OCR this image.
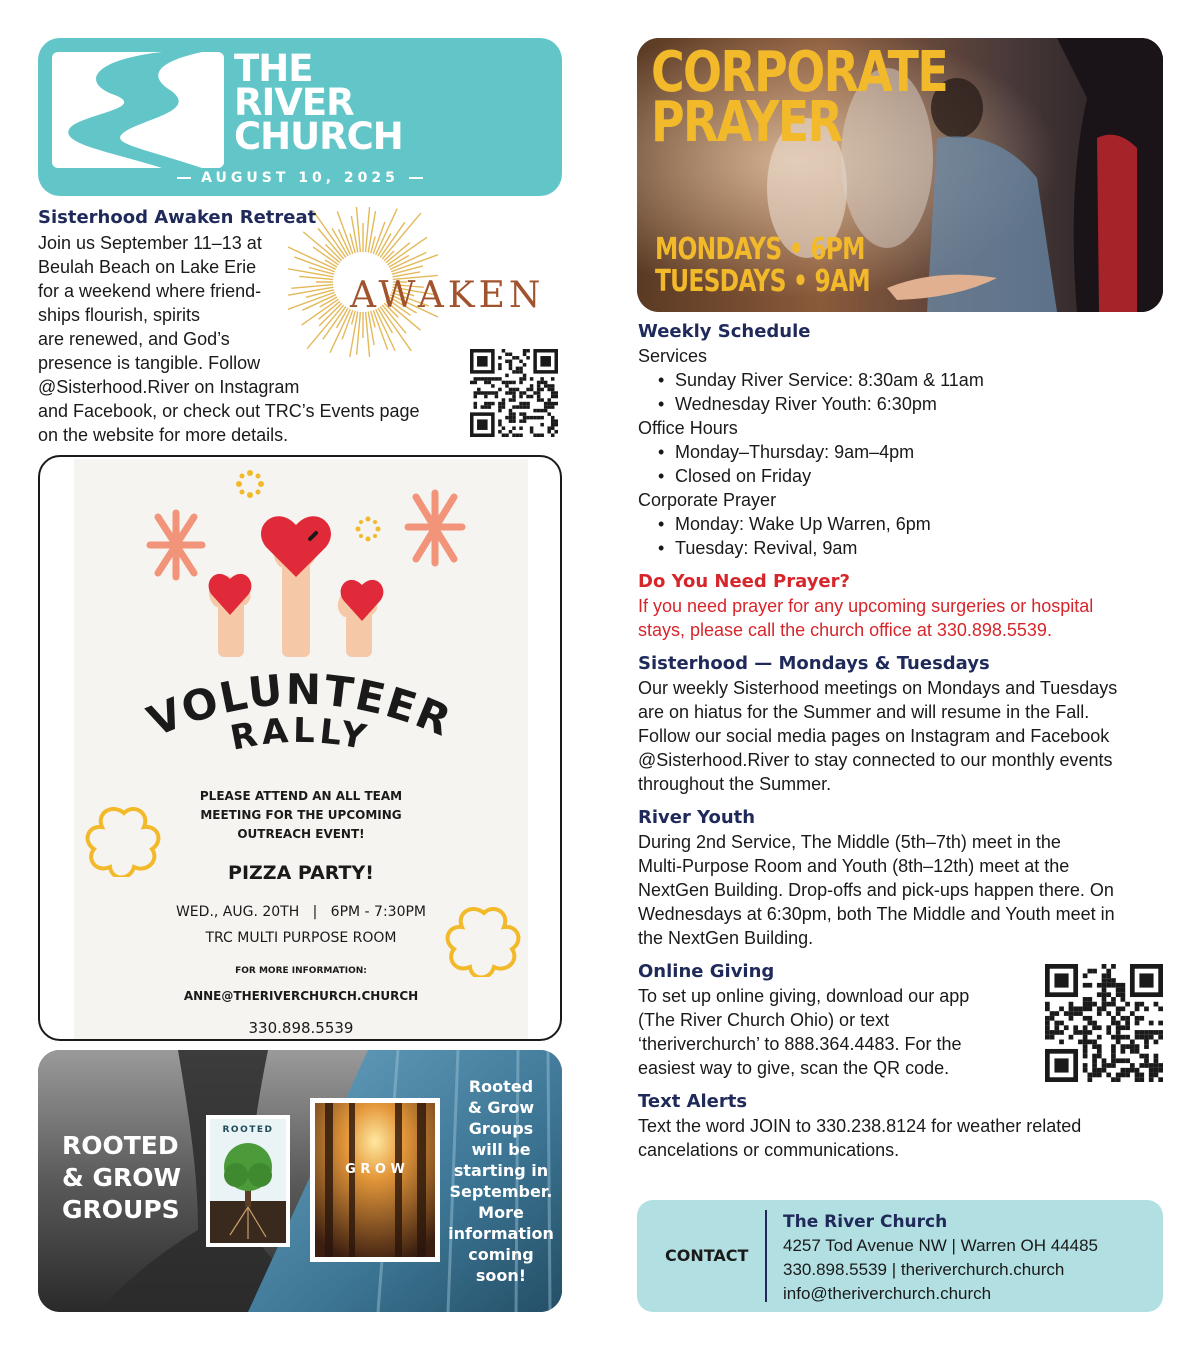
THE
RIVER
CHURCH
AUGUST 10, 2025
AWAKEN
Sisterhood Awaken Retreat
Join us September 11–13 at
Beulah Beach on Lake Erie
for a weekend where friend-
ships flourish, spirits
are renewed, and God’s
presence is tangible. Follow
@Sisterhood.River on Instagram
and Facebook, or check out TRC’s Events page
on the website for more details.
VOLUNTEER
RALLY
PLEASE ATTEND AN ALL TEAM
MEETING FOR THE UPCOMING
OUTREACH EVENT!
PIZZA PARTY!
WED., AUG. 20TH   |   6PM - 7:30PM
TRC MULTI PURPOSE ROOM
FOR MORE INFORMATION:
ANNE@THERIVERCHURCH.CHURCH
330.898.5539
ROOTED
& GROW
GROUPS
ROOTED
G R O W
Rooted
& Grow
Groups
will be
starting in
September.
More
information
coming
soon!
CORPORATE
PRAYER
MONDAYS • 6PM
TUESDAYS • 9AM
Weekly Schedule
Services
• Sunday River Service: 8:30am & 11am
• Wednesday River Youth: 6:30pm
Office Hours
• Monday–Thursday: 9am–4pm
• Closed on Friday
Corporate Prayer
• Monday: Wake Up Warren, 6pm
• Tuesday: Revival, 9am
Do You Need Prayer?
If you need prayer for any upcoming surgeries or hospital
stays, please call the church office at 330.898.5539.
Sisterhood — Mondays & Tuesdays
Our weekly Sisterhood meetings on Mondays and Tuesdays
are on hiatus for the Summer and will resume in the Fall.
Follow our social media pages on Instagram and Facebook
@Sisterhood.River to stay connected to our monthly events
throughout the Summer.
River Youth
During 2nd Service, The Middle (5th–7th) meet in the
Multi-Purpose Room and Youth (8th–12th) meet at the
NextGen Building. Drop-offs and pick-ups happen there. On
Wednesdays at 6:30pm, both The Middle and Youth meet in
the NextGen Building.
Online Giving
To set up online giving, download our app
(The River Church Ohio) or text
‘theriverchurch’ to 888.364.4483. For the
easiest way to give, scan the QR code.
Text Alerts
Text the word JOIN to 330.238.8124 for weather related
cancelations or communications.
CONTACT
The River Church
4257 Tod Avenue NW | Warren OH 44485
330.898.5539 | theriverchurch.church
info@theriverchurch.church
